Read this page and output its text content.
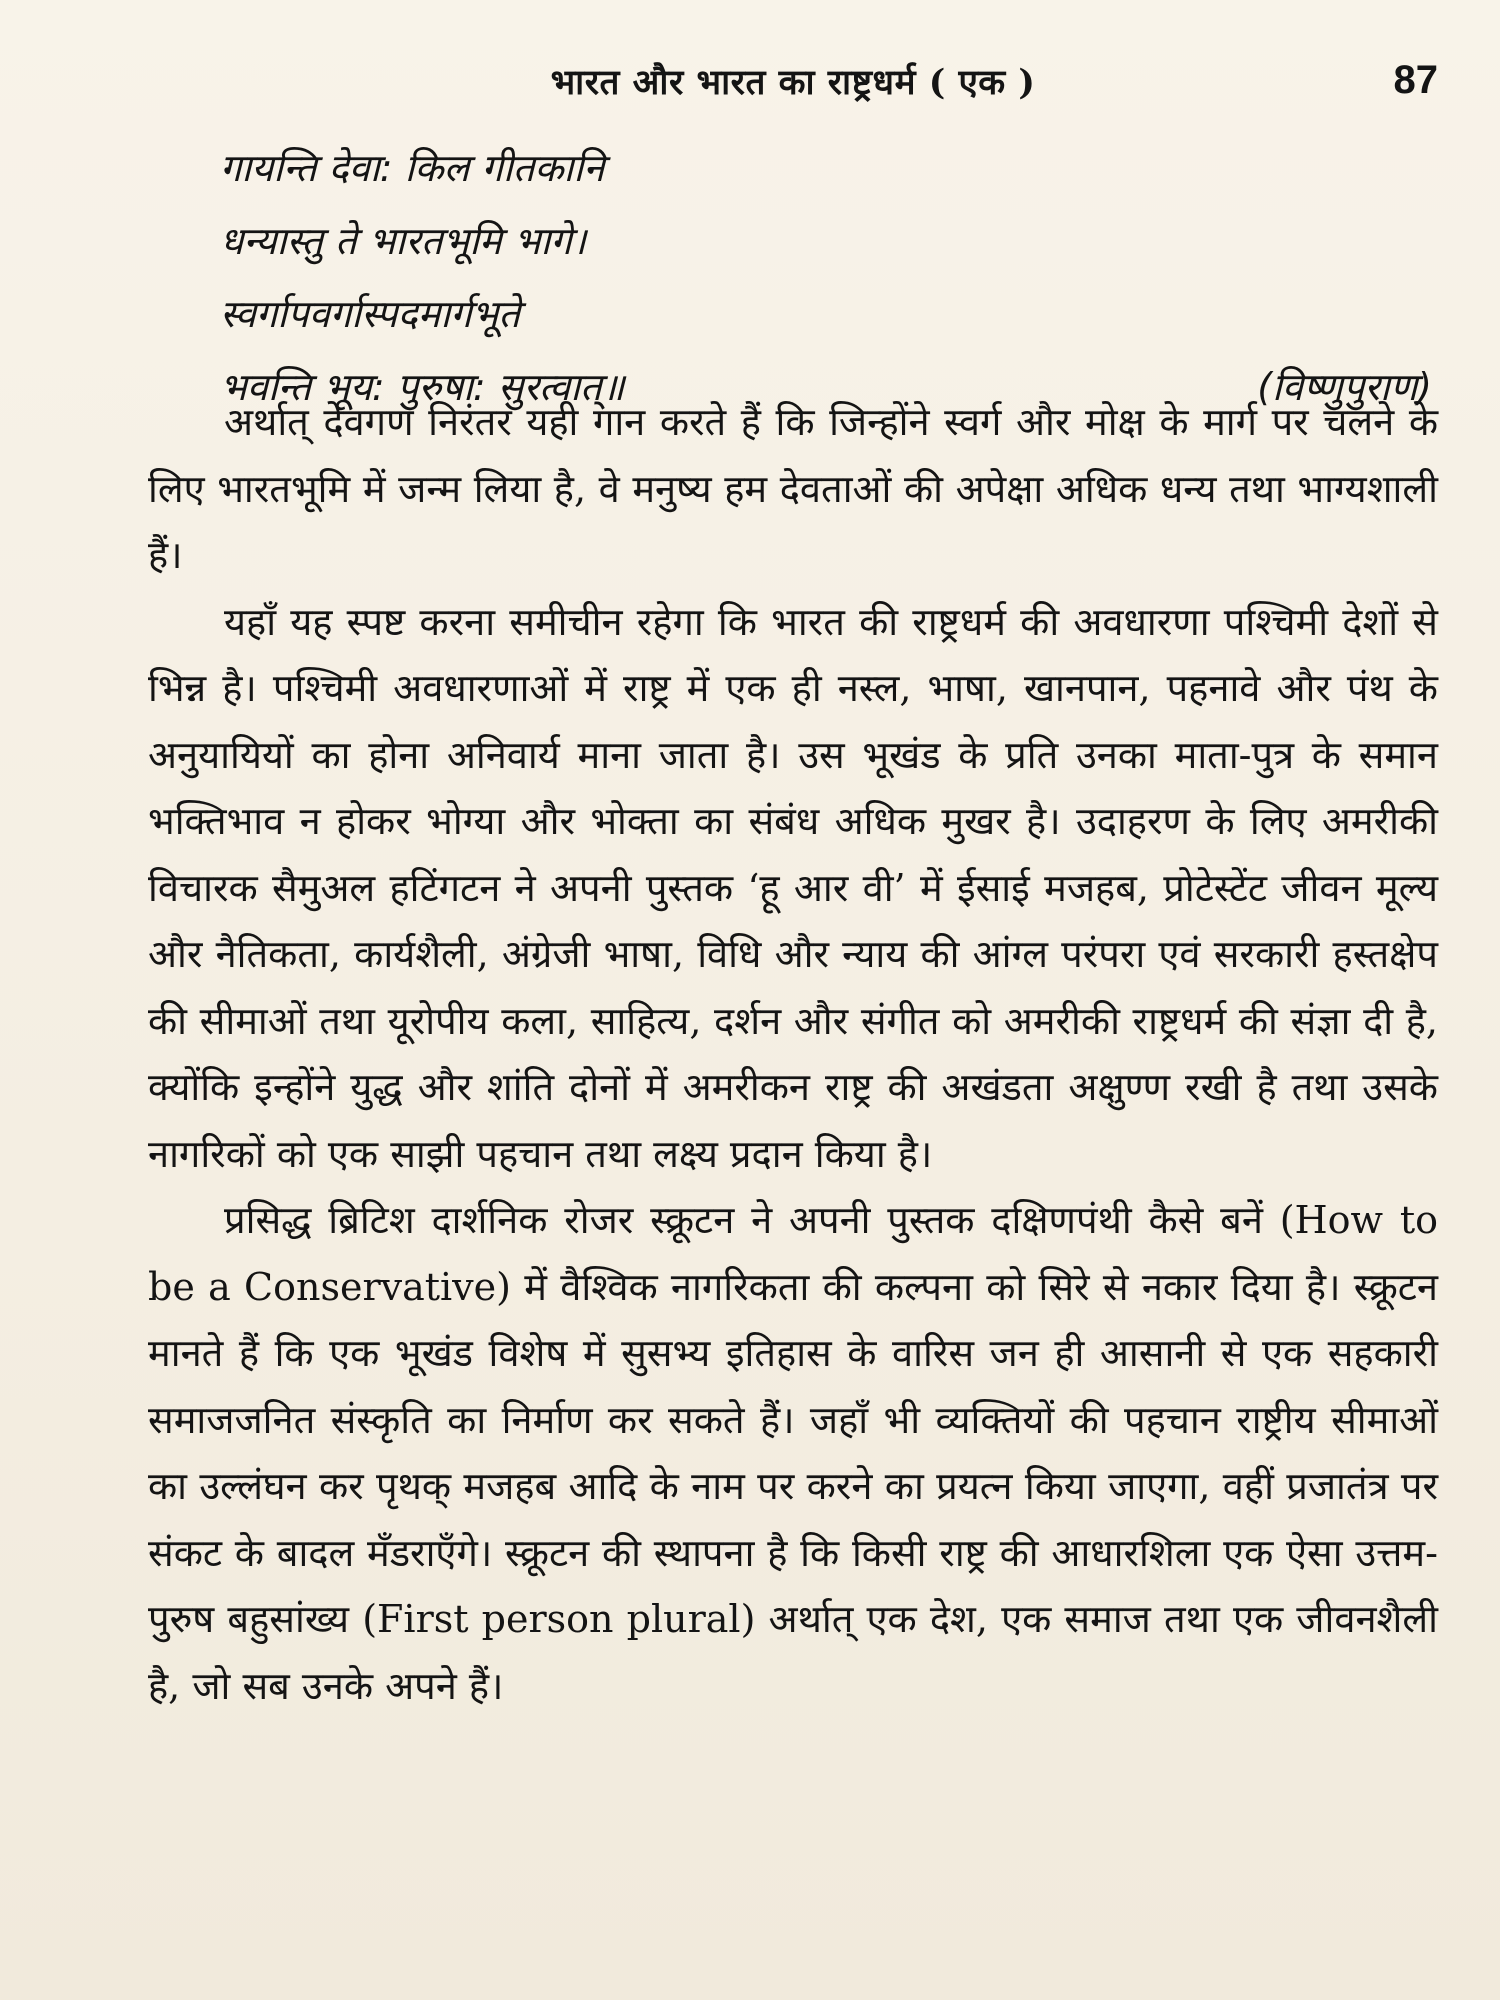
भारत और भारत का राष्ट्रधर्म ( एक )	87
गायन्ति देवा: किल गीतकानि
धन्यास्तु ते भारतभूमि भागे।
स्वर्गापवर्गास्पदमार्गभूते
भवन्ति भूय: पुरुषा: सुरत्वात्॥	(विष्णुपुराण)

अर्थात् देवगण निरंतर यही गान करते हैं कि जिन्होंने स्वर्ग और मोक्ष के मार्ग पर चलने के लिए भारतभूमि में जन्म लिया है, वे मनुष्य हम देवताओं की अपेक्षा अधिक धन्य तथा भाग्यशाली हैं।

यहाँ यह स्पष्ट करना समीचीन रहेगा कि भारत की राष्ट्रधर्म की अवधारणा पश्चिमी देशों से भिन्न है। पश्चिमी अवधारणाओं में राष्ट्र में एक ही नस्ल, भाषा, खानपान, पहनावे और पंथ के अनुयायियों का होना अनिवार्य माना जाता है। उस भूखंड के प्रति उनका माता-पुत्र के समान भक्तिभाव न होकर भोग्या और भोक्ता का संबंध अधिक मुखर है। उदाहरण के लिए अमरीकी विचारक सैमुअल हटिंगटन ने अपनी पुस्तक ‘हू आर वी’ में ईसाई मजहब, प्रोटेस्टेंट जीवन मूल्य और नैतिकता, कार्यशैली, अंग्रेजी भाषा, विधि और न्याय की आंग्ल परंपरा एवं सरकारी हस्तक्षेप की सीमाओं तथा यूरोपीय कला, साहित्य, दर्शन और संगीत को अमरीकी राष्ट्रधर्म की संज्ञा दी है, क्योंकि इन्होंने युद्ध और शांति दोनों में अमरीकन राष्ट्र की अखंडता अक्षुण्ण रखी है तथा उसके नागरिकों को एक साझी पहचान तथा लक्ष्य प्रदान किया है।

प्रसिद्ध ब्रिटिश दार्शनिक रोजर स्क्रूटन ने अपनी पुस्तक दक्षिणपंथी कैसे बनें (How to be a Conservative) में वैश्विक नागरिकता की कल्पना को सिरे से नकार दिया है। स्क्रूटन मानते हैं कि एक भूखंड विशेष में सुसभ्य इतिहास के वारिस जन ही आसानी से एक सहकारी समाजजनित संस्कृति का निर्माण कर सकते हैं। जहाँ भी व्यक्तियों की पहचान राष्ट्रीय सीमाओं का उल्लंघन कर पृथक् मजहब आदि के नाम पर करने का प्रयत्न किया जाएगा, वहीं प्रजातंत्र पर संकट के बादल मँडराएँगे। स्क्रूटन की स्थापना है कि किसी राष्ट्र की आधारशिला एक ऐसा उत्तम-पुरुष बहुसांख्य (First person plural) अर्थात् एक देश, एक समाज तथा एक जीवनशैली है, जो सब उनके अपने हैं।
